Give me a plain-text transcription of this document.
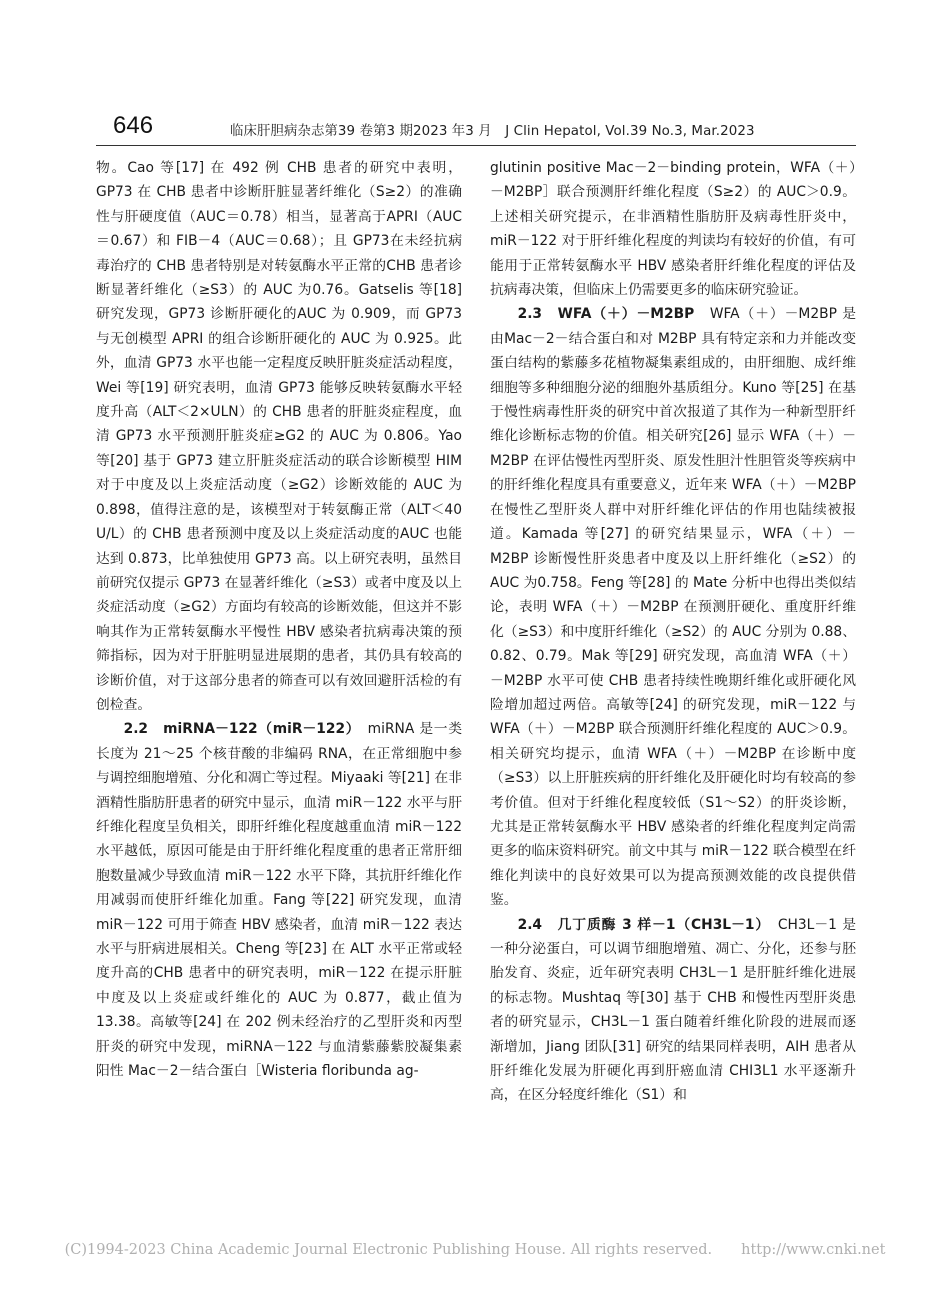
646	临床肝胆病杂志第39 卷第3 期2023 年3 月　J Clin Hepatol, Vol.39 No.3, Mar.2023

物。Cao 等[17] 在 492 例 CHB 患者的研究中表明，GP73 在 CHB 患者中诊断肝脏显著纤维化（S≥2）的准确性与肝硬度值（AUC＝0.78）相当，显著高于APRI（AUC＝0.67）和 FIB－4（AUC＝0.68）；且 GP73在未经抗病毒治疗的 CHB 患者特别是对转氨酶水平正常的CHB 患者诊断显著纤维化（≥S3）的 AUC 为0.76。Gatselis 等[18] 研究发现，GP73 诊断肝硬化的AUC 为 0.909，而 GP73 与无创模型 APRI 的组合诊断肝硬化的 AUC 为 0.925。此外，血清 GP73 水平也能一定程度反映肝脏炎症活动程度，Wei 等[19] 研究表明，血清 GP73 能够反映转氨酶水平轻度升高（ALT＜2×ULN）的 CHB 患者的肝脏炎症程度，血清 GP73 水平预测肝脏炎症≥G2 的 AUC 为 0.806。Yao 等[20] 基于 GP73 建立肝脏炎症活动的联合诊断模型 HIM 对于中度及以上炎症活动度（≥G2）诊断效能的 AUC 为0.898，值得注意的是，该模型对于转氨酶正常（ALT＜40 U/L）的 CHB 患者预测中度及以上炎症活动度的AUC 也能达到 0.873，比单独使用 GP73 高。以上研究表明，虽然目前研究仅提示 GP73 在显著纤维化（≥S3）或者中度及以上炎症活动度（≥G2）方面均有较高的诊断效能，但这并不影响其作为正常转氨酶水平慢性 HBV 感染者抗病毒决策的预筛指标，因为对于肝脏明显进展期的患者，其仍具有较高的诊断价值，对于这部分患者的筛查可以有效回避肝活检的有创检查。

2.2　miRNA－122（miR－122）　miRNA 是一类长度为 21～25 个核苷酸的非编码 RNA，在正常细胞中参与调控细胞增殖、分化和凋亡等过程。Miyaaki 等[21] 在非酒精性脂肪肝患者的研究中显示，血清 miR－122 水平与肝纤维化程度呈负相关，即肝纤维化程度越重血清 miR－122 水平越低，原因可能是由于肝纤维化程度重的患者正常肝细胞数量减少导致血清 miR－122 水平下降，其抗肝纤维化作用减弱而使肝纤维化加重。Fang 等[22] 研究发现，血清 miR－122 可用于筛查 HBV 感染者，血清 miR－122 表达水平与肝病进展相关。Cheng 等[23] 在 ALT 水平正常或轻度升高的CHB 患者中的研究表明，miR－122 在提示肝脏中度及以上炎症或纤维化的 AUC 为 0.877，截止值为13.38。高敏等[24] 在 202 例未经治疗的乙型肝炎和丙型肝炎的研究中发现，miRNA－122 与血清紫藤紫胶凝集素阳性 Mac－2－结合蛋白［Wisteria floribunda ag-

glutinin positive Mac－2－binding protein，WFA（＋）－M2BP］联合预测肝纤维化程度（S≥2）的 AUC＞0.9。上述相关研究提示，在非酒精性脂肪肝及病毒性肝炎中，miR－122 对于肝纤维化程度的判读均有较好的价值，有可能用于正常转氨酶水平 HBV 感染者肝纤维化程度的评估及抗病毒决策，但临床上仍需要更多的临床研究验证。

2.3　WFA（＋）－M2BP　WFA（＋）－M2BP 是由Mac－2－结合蛋白和对 M2BP 具有特定亲和力并能改变蛋白结构的紫藤多花植物凝集素组成的，由肝细胞、成纤维细胞等多种细胞分泌的细胞外基质组分。Kuno 等[25] 在基于慢性病毒性肝炎的研究中首次报道了其作为一种新型肝纤维化诊断标志物的价值。相关研究[26] 显示 WFA（＋）－M2BP 在评估慢性丙型肝炎、原发性胆汁性胆管炎等疾病中的肝纤维化程度具有重要意义，近年来 WFA（＋）－M2BP 在慢性乙型肝炎人群中对肝纤维化评估的作用也陆续被报道。Kamada 等[27] 的研究结果显示，WFA（＋）－M2BP 诊断慢性肝炎患者中度及以上肝纤维化（≥S2）的 AUC 为0.758。Feng 等[28] 的 Mate 分析中也得出类似结论，表明 WFA（＋）－M2BP 在预测肝硬化、重度肝纤维化（≥S3）和中度肝纤维化（≥S2）的 AUC 分别为 0.88、0.82、0.79。Mak 等[29] 研究发现，高血清 WFA（＋）－M2BP 水平可使 CHB 患者持续性晚期纤维化或肝硬化风险增加超过两倍。高敏等[24] 的研究发现，miR－122 与WFA（＋）－M2BP 联合预测肝纤维化程度的 AUC＞0.9。相关研究均提示，血清 WFA（＋）－M2BP 在诊断中度（≥S3）以上肝脏疾病的肝纤维化及肝硬化时均有较高的参考价值。但对于纤维化程度较低（S1～S2）的肝炎诊断，尤其是正常转氨酶水平 HBV 感染者的纤维化程度判定尚需更多的临床资料研究。前文中其与 miR－122 联合模型在纤维化判读中的良好效果可以为提高预测效能的改良提供借鉴。

2.4　几丁质酶 3 样－1（CH3L－1）　CH3L－1 是一种分泌蛋白，可以调节细胞增殖、凋亡、分化，还参与胚胎发育、炎症，近年研究表明 CH3L－1 是肝脏纤维化进展的标志物。Mushtaq 等[30] 基于 CHB 和慢性丙型肝炎患者的研究显示，CH3L－1 蛋白随着纤维化阶段的进展而逐渐增加，Jiang 团队[31] 研究的结果同样表明，AIH 患者从肝纤维化发展为肝硬化再到肝癌血清 CHI3L1 水平逐渐升高，在区分轻度纤维化（S1）和

(C)1994-2023 China Academic Journal Electronic Publishing House. All rights reserved.　　http://www.cnki.net
